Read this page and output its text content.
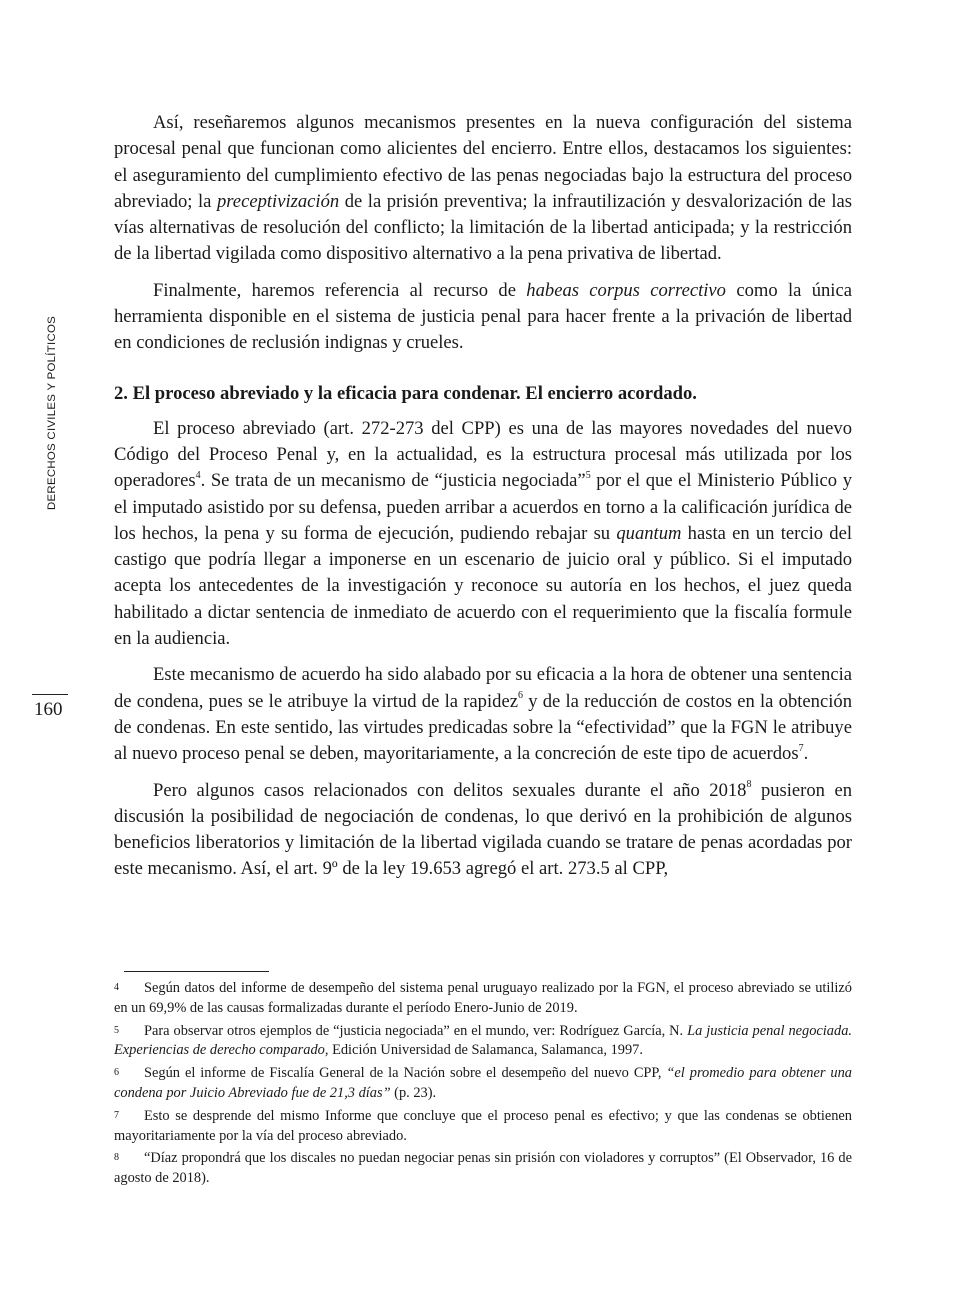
DERECHOS CIVILES Y POLÍTICOS
160

Así, reseñaremos algunos mecanismos presentes en la nueva configuración del sistema procesal penal que funcionan como alicientes del encierro. Entre ellos, destacamos los siguientes: el aseguramiento del cumplimiento efectivo de las penas negociadas bajo la estructura del proceso abreviado; la preceptivización de la prisión preventiva; la infrautilización y desvalorización de las vías alternativas de resolución del conflicto; la limitación de la libertad anticipada; y la restricción de la libertad vigilada como dispositivo alternativo a la pena privativa de libertad.

Finalmente, haremos referencia al recurso de habeas corpus correctivo como la única herramienta disponible en el sistema de justicia penal para hacer frente a la privación de libertad en condiciones de reclusión indignas y crueles.

2. El proceso abreviado y la eficacia para condenar. El encierro acordado.

El proceso abreviado (art. 272-273 del CPP) es una de las mayores novedades del nuevo Código del Proceso Penal y, en la actualidad, es la estructura procesal más utilizada por los operadores$^4$. Se trata de un mecanismo de “justicia negociada”$^5$ por el que el Ministerio Público y el imputado asistido por su defensa, pueden arribar a acuerdos en torno a la calificación jurídica de los hechos, la pena y su forma de ejecución, pudiendo rebajar su quantum hasta en un tercio del castigo que podría llegar a imponerse en un escenario de juicio oral y público. Si el imputado acepta los antecedentes de la investigación y reconoce su autoría en los hechos, el juez queda habilitado a dictar sentencia de inmediato de acuerdo con el requerimiento que la fiscalía formule en la audiencia.

Este mecanismo de acuerdo ha sido alabado por su eficacia a la hora de obtener una sentencia de condena, pues se le atribuye la virtud de la rapidez$^6$ y de la reducción de costos en la obtención de condenas. En este sentido, las virtudes predicadas sobre la “efectividad” que la FGN le atribuye al nuevo proceso penal se deben, mayoritariamente, a la concreción de este tipo de acuerdos$^7$.

Pero algunos casos relacionados con delitos sexuales durante el año 2018$^8$ pusieron en discusión la posibilidad de negociación de condenas, lo que derivó en la prohibición de algunos beneficios liberatorios y limitación de la libertad vigilada cuando se tratare de penas acordadas por este mecanismo. Así, el art. 9º de la ley 19.653 agregó el art. 273.5 al CPP,

4 Según datos del informe de desempeño del sistema penal uruguayo realizado por la FGN, el proceso abreviado se utilizó en un 69,9% de las causas formalizadas durante el período Enero-Junio de 2019.
5 Para observar otros ejemplos de “justicia negociada” en el mundo, ver: Rodríguez García, N. La justicia penal negociada. Experiencias de derecho comparado, Edición Universidad de Salamanca, Salamanca, 1997.
6 Según el informe de Fiscalía General de la Nación sobre el desempeño del nuevo CPP, “el promedio para obtener una condena por Juicio Abreviado fue de 21,3 días” (p. 23).
7 Esto se desprende del mismo Informe que concluye que el proceso penal es efectivo; y que las condenas se obtienen mayoritariamente por la vía del proceso abreviado.
8 “Díaz propondrá que los discales no puedan negociar penas sin prisión con violadores y corruptos” (El Observador, 16 de agosto de 2018).
